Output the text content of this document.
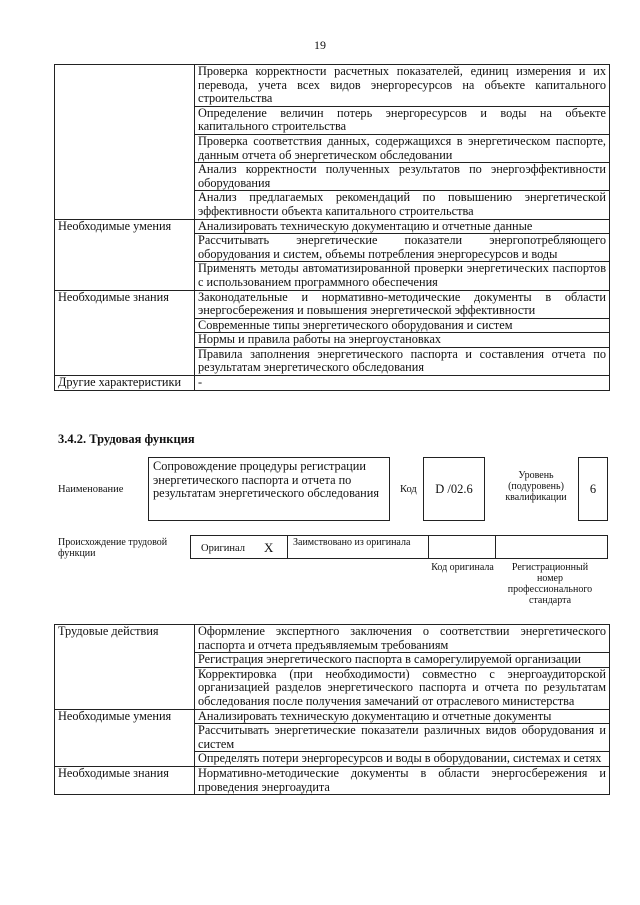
19
	Проверка корректности расчетных показателей, единиц измерения и их перевода, учета всех видов энергоресурсов на объекте капитального строительства
	Определение величин потерь энергоресурсов и воды на объекте капитального строительства
	Проверка соответствия данных, содержащихся в энергетическом паспорте, данным отчета об энергетическом обследовании
	Анализ корректности полученных результатов по энергоэффективности оборудования
	Анализ предлагаемых рекомендаций по повышению энергетической эффективности объекта капитального строительства
Необходимые умения	Анализировать техническую документацию и отчетные данные
	Рассчитывать энергетические показатели энергопотребляющего оборудования и систем, объемы потребления энергоресурсов и воды
	Применять методы автоматизированной проверки энергетических паспортов с использованием программного обеспечения
Необходимые знания	Законодательные и нормативно-методические документы в области энергосбережения и повышения энергетической эффективности
	Современные типы энергетического оборудования и систем
	Нормы и правила работы на энергоустановках
	Правила заполнения энергетического паспорта и составления отчета по результатам энергетического обследования
Другие характеристики	-
3.4.2. Трудовая функция
Наименование
Сопровождение процедуры регистрации энергетического паспорта и отчета по результатам энергетического обследования	Код	D /02.6
Уровень (подуровень) квалификации
6
Происхождение трудовой функции	Оригинал X Заимствовано из оригинала
Код оригинала	Регистрационный номер профессионального стандарта
Трудовые действия	Оформление экспертного заключения о соответствии энергетического паспорта и отчета предъявляемым требованиям
	Регистрация энергетического паспорта в саморегулируемой организации
	Корректировка (при необходимости) совместно с энергоаудиторской организацией разделов энергетического паспорта и отчета по результатам обследования после получения замечаний от отраслевого министерства
Необходимые умения	Анализировать техническую документацию и отчетные документы
	Рассчитывать энергетические показатели различных видов оборудования и систем
	Определять потери энергоресурсов и воды в оборудовании, системах и сетях
Необходимые знания	Нормативно-методические документы в области энергосбережения и проведения энергоаудита
